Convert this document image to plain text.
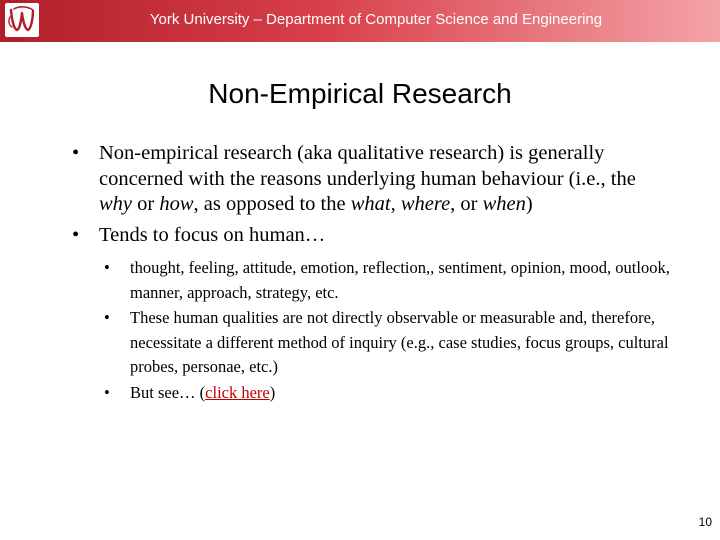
York University – Department of Computer Science and Engineering
Non-Empirical Research
• Non-empirical research (aka qualitative research) is generally concerned with the reasons underlying human behaviour (i.e., the why or how, as opposed to the what, where, or when)
• Tends to focus on human…
• thought, feeling, attitude, emotion, reflection,, sentiment, opinion, mood, outlook, manner, approach, strategy, etc.
• These human qualities are not directly observable or measurable and, therefore, necessitate a different method of inquiry (e.g., case studies, focus groups, cultural probes, personae, etc.)
• But see… (click here)
10
